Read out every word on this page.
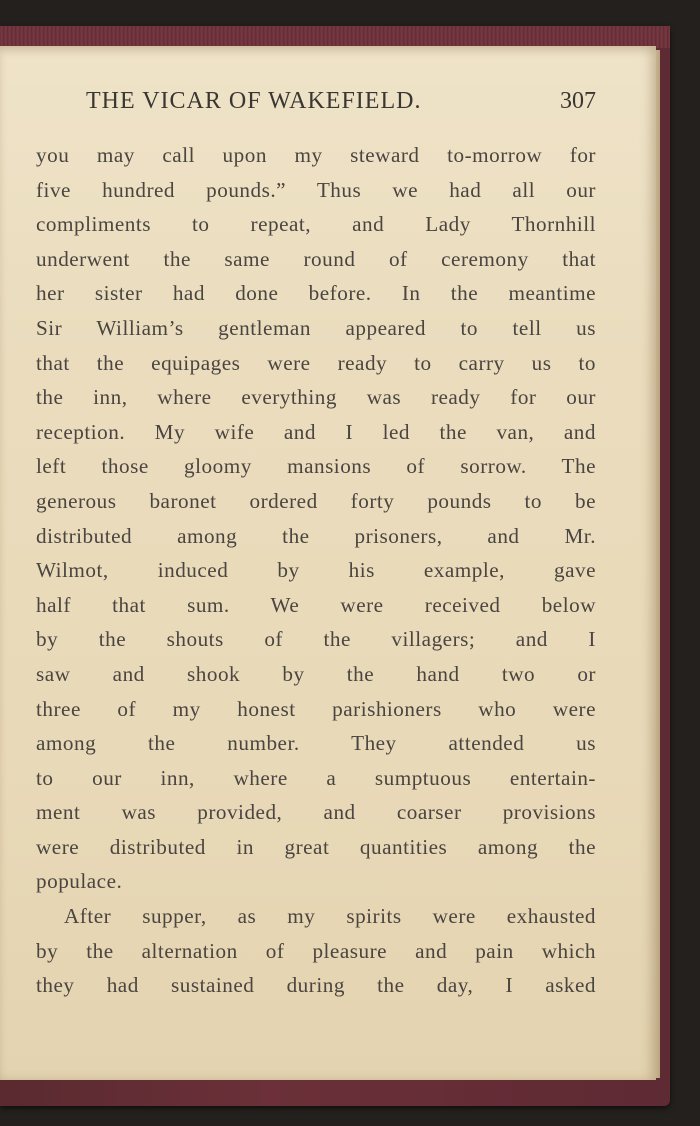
THE VICAR OF WAKEFIELD.	307
you may call upon my steward to-morrow for
five hundred pounds.” Thus we had all our
compliments to repeat, and Lady Thornhill
underwent the same round of ceremony that
her sister had done before. In the meantime
Sir William’s gentleman appeared to tell us
that the equipages were ready to carry us to
the inn, where everything was ready for our
reception. My wife and I led the van, and
left those gloomy mansions of sorrow. The
generous baronet ordered forty pounds to be
distributed among the prisoners, and Mr.
Wilmot, induced by his example, gave
half that sum. We were received below
by the shouts of the villagers; and I
saw and shook by the hand two or
three of my honest parishioners who were
among the number. They attended us
to our inn, where a sumptuous entertain-
ment was provided, and coarser provisions
were distributed in great quantities among the
populace.
After supper, as my spirits were exhausted
by the alternation of pleasure and pain which
they had sustained during the day, I asked
